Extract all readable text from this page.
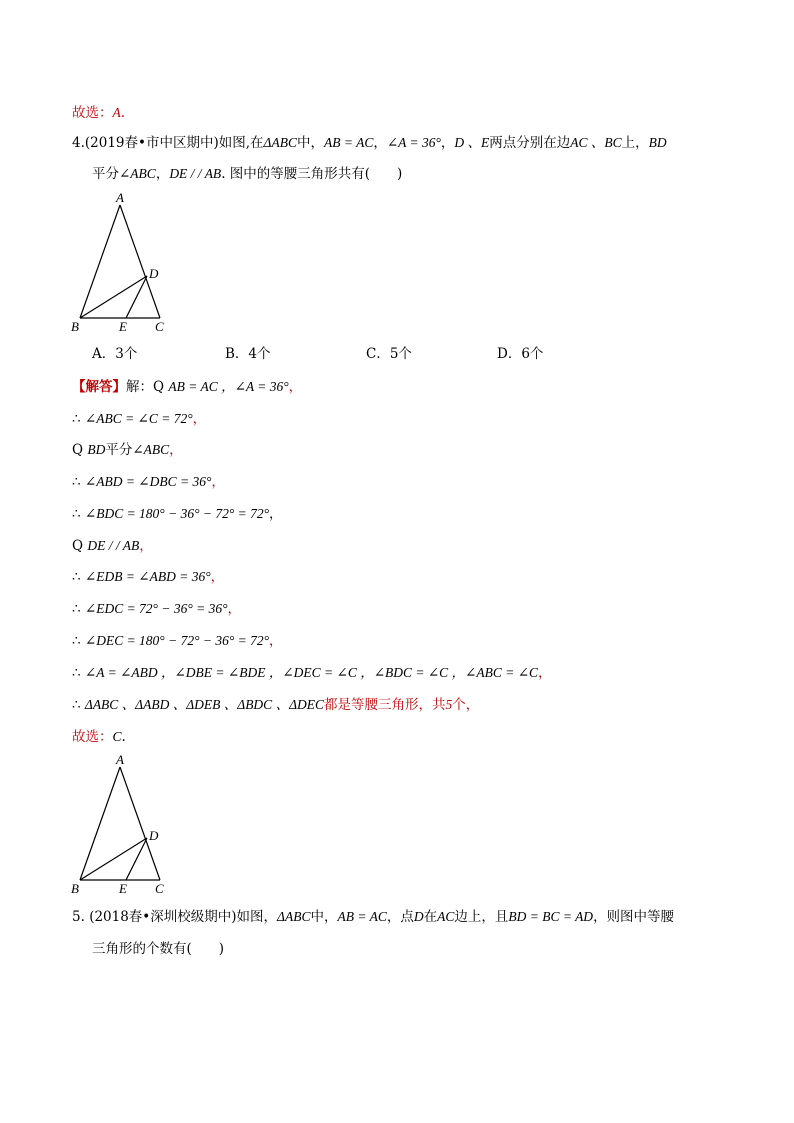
故选：A.
4.(2019春•市中区期中)如图,在ΔABC中，AB = AC，∠A = 36°，D 、E两点分别在边AC 、BC上，BD
平分∠ABC，DE / / AB. 图中的等腰三角形共有(　　)
A
D
B	E C
A．3个	B．4个	C．5个	D．6个
【解答】解：Q AB = AC ，∠A = 36°，
∴ ∠ABC = ∠C = 72°，
Q BD平分∠ABC，
∴ ∠ABD = ∠DBC = 36°，
∴ ∠BDC = 180° − 36° − 72° = 72°，
Q DE / / AB，
∴ ∠EDB = ∠ABD = 36°，
∴ ∠EDC = 72° − 36° = 36°，
∴ ∠DEC = 180° − 72° − 36° = 72°，
∴ ∠A = ∠ABD ，∠DBE = ∠BDE ，∠DEC = ∠C ，∠BDC = ∠C ，∠ABC = ∠C，
∴ ΔABC 、ΔABD 、ΔDEB 、ΔBDC 、ΔDEC都是等腰三角形，共5个，
故选：C.
A
D
B	E C
5. (2018春•深圳校级期中)如图，ΔABC中，AB = AC，点D在AC边上，且BD = BC = AD，则图中等腰
三角形的个数有(　　)
